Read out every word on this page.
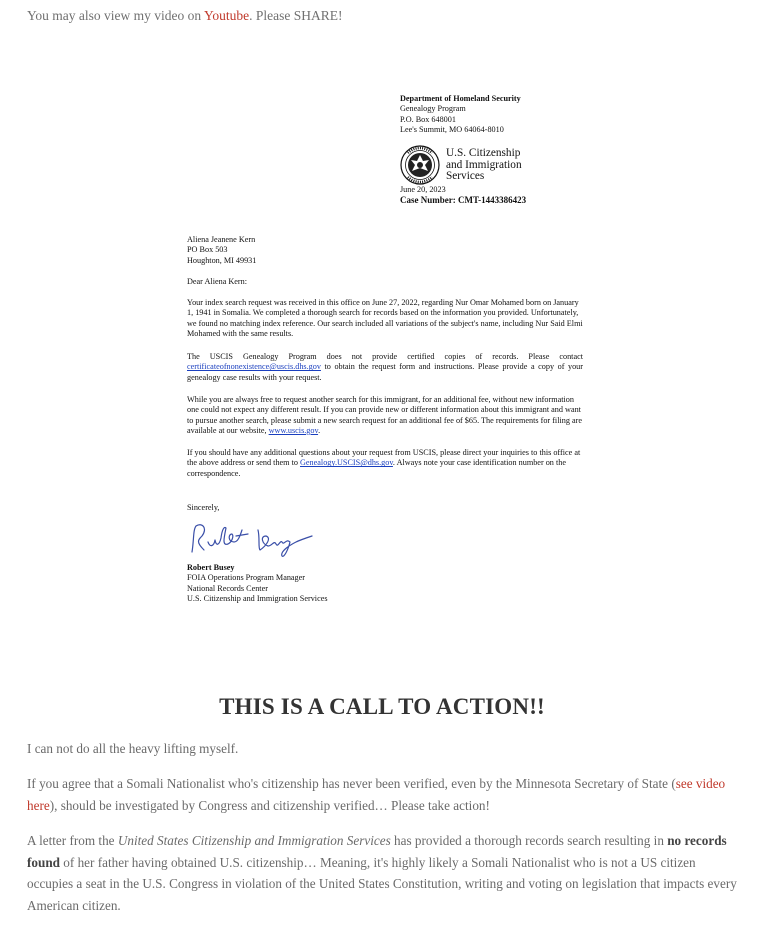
You may also view my video on Youtube. Please SHARE!

Department of Homeland Security

Genealogy Program

P.O. Box 648001

Lee's Summit, MO 64064-8010

U.S. Citizenship
and Immigration
Services

June 20, 2023

Case Number: CMT-1443386423

Aliena Jeanene Kern

PO Box 503

Houghton, MI 49931

Dear Aliena Kern:

Your index search request was received in this office on June 27, 2022, regarding Nur Omar Mohamed born on January 1, 1941 in Somalia. We completed a thorough search for records based on the information you provided. Unfortunately, we found no matching index reference. Our search included all variations of the subject's name, including Nur Said Elmi Mohamed with the same results.

The USCIS Genealogy Program does not provide certified copies of records. Please contact certificateofnonexistence@uscis.dhs.gov to obtain the request form and instructions. Please provide a copy of your genealogy case results with your request.

While you are always free to request another search for this immigrant, for an additional fee, without new information one could not expect any different result. If you can provide new or different information about this immigrant and want to pursue another search, please submit a new search request for an additional fee of $65. The requirements for filing are available at our website, www.uscis.gov.

If you should have any additional questions about your request from USCIS, please direct your inquiries to this office at the above address or send them to Genealogy.USCIS@dhs.gov. Always note your case identification number on the correspondence.

Sincerely,

Robert Busey

FOIA Operations Program Manager

National Records Center

U.S. Citizenship and Immigration Services

THIS IS A CALL TO ACTION!!

I can not do all the heavy lifting myself.

If you agree that a Somali Nationalist who's citizenship has never been verified, even by the Minnesota Secretary of State (see video here), should be investigated by Congress and citizenship verified… Please take action!

A letter from the United States Citizenship and Immigration Services has provided a thorough records search resulting in no records found of her father having obtained U.S. citizenship… Meaning, it's highly likely a Somali Nationalist who is not a US citizen occupies a seat in the U.S. Congress in violation of the United States Constitution, writing and voting on legislation that impacts every American citizen.
